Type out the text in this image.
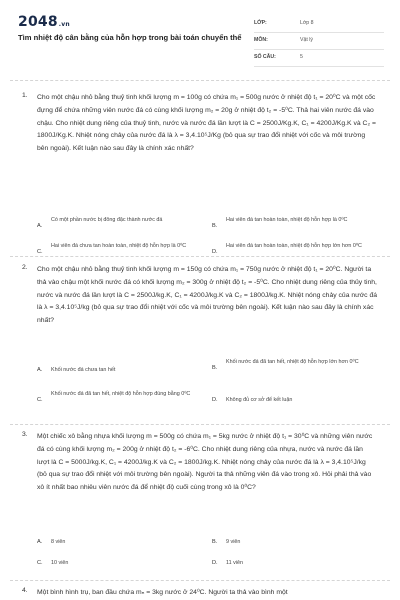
2048.vn
Tìm nhiệt độ cân bằng của hỗn hợp trong bài toán chuyển thể
LỚP:	Lớp 8
MÔN:	Vật lý
SỐ CÂU:	5
1. Cho một chậu nhỏ bằng thuỷ tinh khối lượng m = 100g có chứa m₁ = 500g nước ở nhiệt độ t₁ = 20⁰C và một cốc đựng để chứa những viên nước đá có cùng khối lượng m₂ = 20g ở nhiệt độ t₂ = -5⁰C. Thả hai viên nước đá vào chậu. Cho nhiệt dung riêng của thuỷ tinh, nước và nước đá lần lượt là C = 2500J/Kg.K, C₁ = 4200J/Kg.K và C₂ = 1800J/Kg.K. Nhiệt nóng chảy của nước đá là λ = 3,4.10⁵J/Kg (bỏ qua sự trao đổi nhiệt với cốc và môi trường bên ngoài). Kết luận nào sau đây là chính xác nhất?
A.
Có một phần nước bị đông đặc thành nước đá
B.
Hai viên đá tan hoàn toàn, nhiệt độ hỗn hợp là 0⁰C
C.
Hai viên đá chưa tan hoàn toàn, nhiệt độ hỗn hợp là 0⁰C
D.
Hai viên đá tan hoàn toàn, nhiệt độ hỗn hợp lớn hơn 0⁰C
2. Cho một chậu nhỏ bằng thuỷ tinh khối lượng m = 150g có chứa m₁ = 750g nước ở nhiệt độ t₁ = 20⁰C. Người ta thả vào chậu một khối nước đá có khối lượng m₂ = 300g ở nhiệt độ t₂ = -5⁰C. Cho nhiệt dung riêng của thủy tinh, nước và nước đá lần lượt là C = 2500J/kg.K, C₁ = 4200J/kg.K và C₂ = 1800J/kg.K. Nhiệt nóng chảy của nước đá là λ = 3,4.10⁵J/kg (bỏ qua sự trao đổi nhiệt với cốc và môi trường bên ngoài). Kết luận nào sau đây là chính xác nhất?
A. Khối nước đá chưa tan hết	B.
Khối nước đá đã tan hết, nhiệt độ hỗn hợp lớn hơn 0⁰C
C.
Khối nước đá đã tan hết, nhiệt độ hỗn hợp đúng bằng 0⁰C
D. Không đủ cơ sở để kết luận
3. Một chiếc xô bằng nhựa khối lượng m = 500g có chứa m₁ = 5kg nước ở nhiệt độ t₁ = 30⁰C và những viên nước đá có cùng khối lượng m₂ = 200g ở nhiệt độ t₂ = -6⁰C. Cho nhiệt dung riêng của nhựa, nước và nước đá lần lượt là C = 5000J/kg.K, C₁ = 4200J/kg.K và C₂ = 1800J/kg.K. Nhiệt nóng chảy của nước đá là λ = 3,4.10⁵J/kg (bỏ qua sự trao đổi nhiệt với môi trường bên ngoài). Người ta thả những viên đá vào trong xô. Hỏi phải thả vào xô ít nhất bao nhiêu viên nước đá để nhiệt độ cuối cùng trong xô là 0⁰C?
A. 8 viên	B. 9 viên
C. 10 viên	D. 11 viên
4. Một bình hình trụ, ban đầu chứa mₙ = 3kg nước ở 24⁰C. Người ta thả vào bình một
